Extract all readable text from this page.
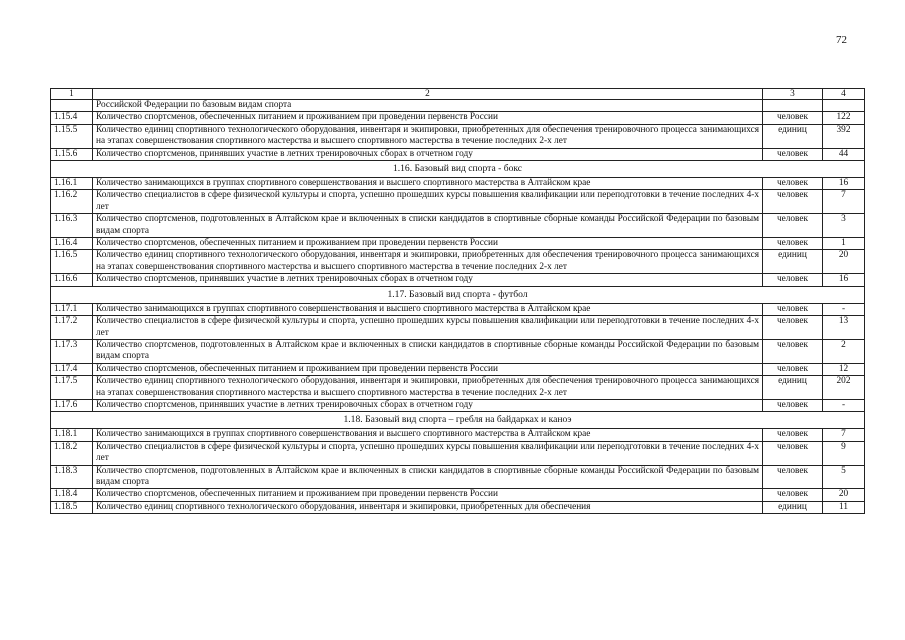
72
1	2	3	4
	Российской Федерации по базовым видам спорта		
1.15.4	Количество спортсменов, обеспеченных питанием и проживанием при проведении первенств России	человек	122
1.15.5	Количество единиц спортивного технологического оборудования, инвентаря и экипировки, приобретенных для обеспечения тренировочного процесса занимающихся на этапах совершенствования спортивного мастерства и высшего спортивного мастерства в течение последних 2-х лет	единиц	392
1.15.6	Количество спортсменов, принявших участие в летних тренировочных сборах в отчетном году	человек	44
1.16. Базовый вид спорта - бокс			
1.16.1	Количество занимающихся в группах спортивного совершенствования и высшего спортивного мастерства в Алтайском крае	человек	16
1.16.2	Количество специалистов в сфере физической культуры и спорта, успешно прошедших курсы повышения квалификации или переподготовки в течение последних 4-х лет	человек	7
1.16.3	Количество спортсменов, подготовленных в Алтайском крае и включенных в списки кандидатов в спортивные сборные команды Российской Федерации по базовым видам спорта	человек	3
1.16.4	Количество спортсменов, обеспеченных питанием и проживанием при проведении первенств России	человек	1
1.16.5	Количество единиц спортивного технологического оборудования, инвентаря и экипировки, приобретенных для обеспечения тренировочного процесса занимающихся на этапах совершенствования спортивного мастерства и высшего спортивного мастерства в течение последних 2-х лет	единиц	20
1.16.6	Количество спортсменов, принявших участие в летних тренировочных сборах в отчетном году	человек	16
1.17. Базовый вид спорта - футбол			
1.17.1	Количество занимающихся в группах спортивного совершенствования и высшего спортивного мастерства в Алтайском крае	человек	-
1.17.2	Количество специалистов в сфере физической культуры и спорта, успешно прошедших курсы повышения квалификации или переподготовки в течение последних 4-х лет	человек	13
1.17.3	Количество спортсменов, подготовленных в Алтайском крае и включенных в списки кандидатов в спортивные сборные команды Российской Федерации по базовым видам спорта	человек	2
1.17.4	Количество спортсменов, обеспеченных питанием и проживанием при проведении первенств России	человек	12
1.17.5	Количество единиц спортивного технологического оборудования, инвентаря и экипировки, приобретенных для обеспечения тренировочного процесса занимающихся на этапах совершенствования спортивного мастерства и высшего спортивного мастерства в течение последних 2-х лет	единиц	202
1.17.6	Количество спортсменов, принявших участие в летних тренировочных сборах в отчетном году	человек	-
1.18. Базовый вид спорта – гребля на байдарках и каноэ			
1.18.1	Количество занимающихся в группах спортивного совершенствования и высшего спортивного мастерства в Алтайском крае	человек	7
1.18.2	Количество специалистов в сфере физической культуры и спорта, успешно прошедших курсы повышения квалификации или переподготовки в течение последних 4-х лет	человек	9
1.18.3	Количество спортсменов, подготовленных в Алтайском крае и включенных в списки кандидатов в спортивные сборные команды Российской Федерации по базовым видам спорта	человек	5
1.18.4	Количество спортсменов, обеспеченных питанием и проживанием при проведении первенств России	человек	20
1.18.5	Количество единиц спортивного технологического оборудования, инвентаря и экипировки, приобретенных для обеспечения	единиц	11
